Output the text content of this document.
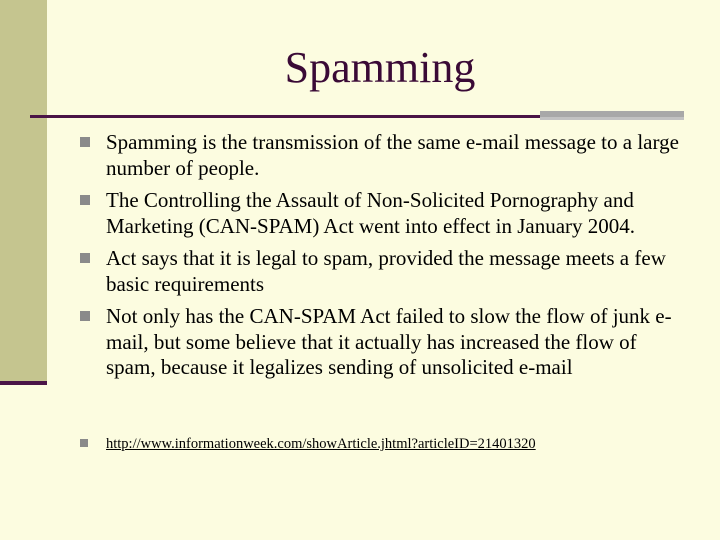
Spamming
Spamming is the transmission of the same e-mail message to a large number of people.
The Controlling the Assault of Non-Solicited Pornography and Marketing (CAN-SPAM) Act went into effect in January 2004.
Act says that it is legal to spam, provided the message meets a few basic requirements
Not only has the CAN-SPAM Act failed to slow the flow of junk e-mail, but some believe that it actually has increased the flow of spam, because it legalizes sending of unsolicited e-mail
http://www.informationweek.com/showArticle.jhtml?articleID=21401320
